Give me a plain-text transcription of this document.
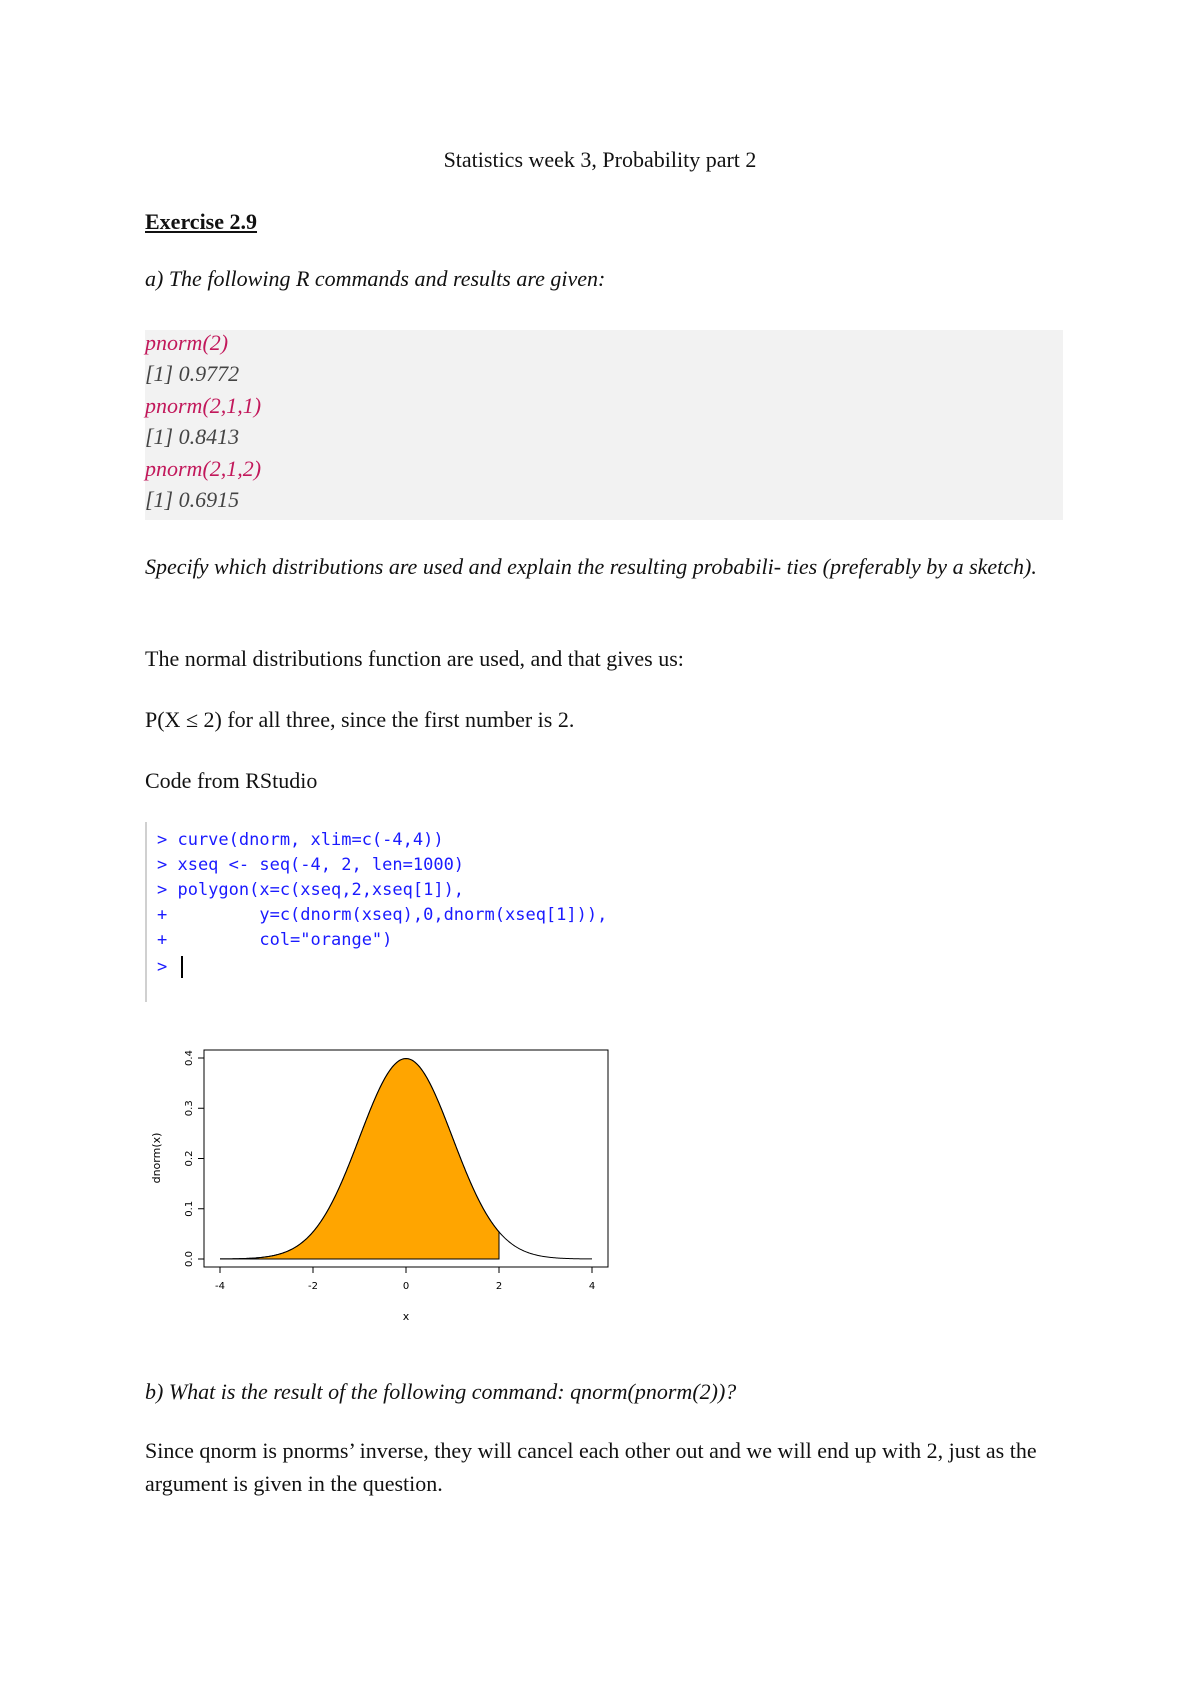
Statistics week 3, Probability part 2
Exercise 2.9
a) The following R commands and results are given:
pnorm(2)
[1] 0.9772
pnorm(2,1,1)
[1] 0.8413
pnorm(2,1,2)
[1] 0.6915
Specify which distributions are used and explain the resulting probabili- ties (preferably by a sketch).
The normal distributions function are used, and that gives us:
P(X ≤ 2) for all three, since the first number is 2.
Code from RStudio
> curve(dnorm, xlim=c(-4,4))
> xseq <- seq(-4, 2, len=1000)
> polygon(x=c(xseq,2,xseq[1]),
+         y=c(dnorm(xseq),0,dnorm(xseq[1])),
+         col="orange")
>
-4	-2	0	2	4
0.0
0.1
0.2
0.3
0.4
x
dnorm(x)
b) What is the result of the following command: qnorm(pnorm(2))?
Since qnorm is pnorms’ inverse, they will cancel each other out and we will end up with 2, just as the argument is given in the question.
